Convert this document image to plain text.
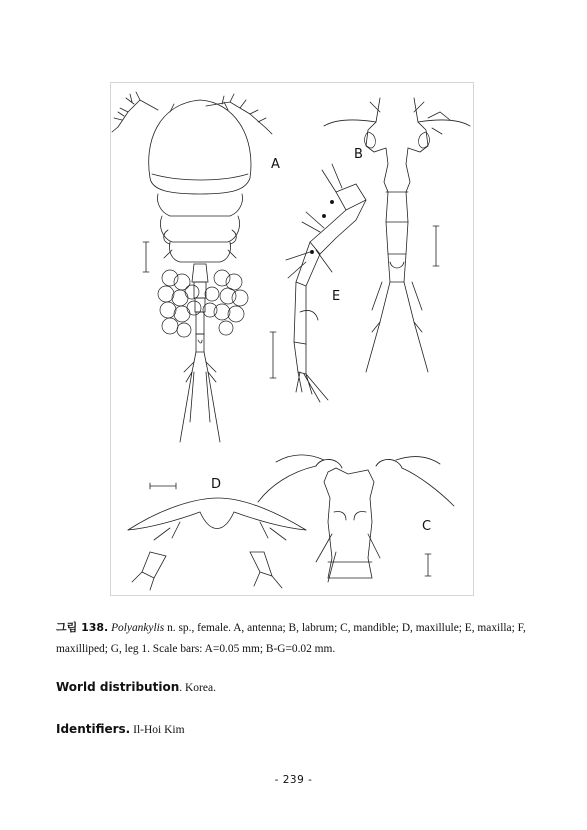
A
B
C
D
E
그림 138. Polyankylis n. sp., female. A, antenna; B, labrum; C, mandible; D, maxillule; E, maxilla; F, maxilliped; G, leg 1. Scale bars: A=0.05 mm; B-G=0.02 mm.
World distribution. Korea.
Identifiers. Il-Hoi Kim
- 239 -
